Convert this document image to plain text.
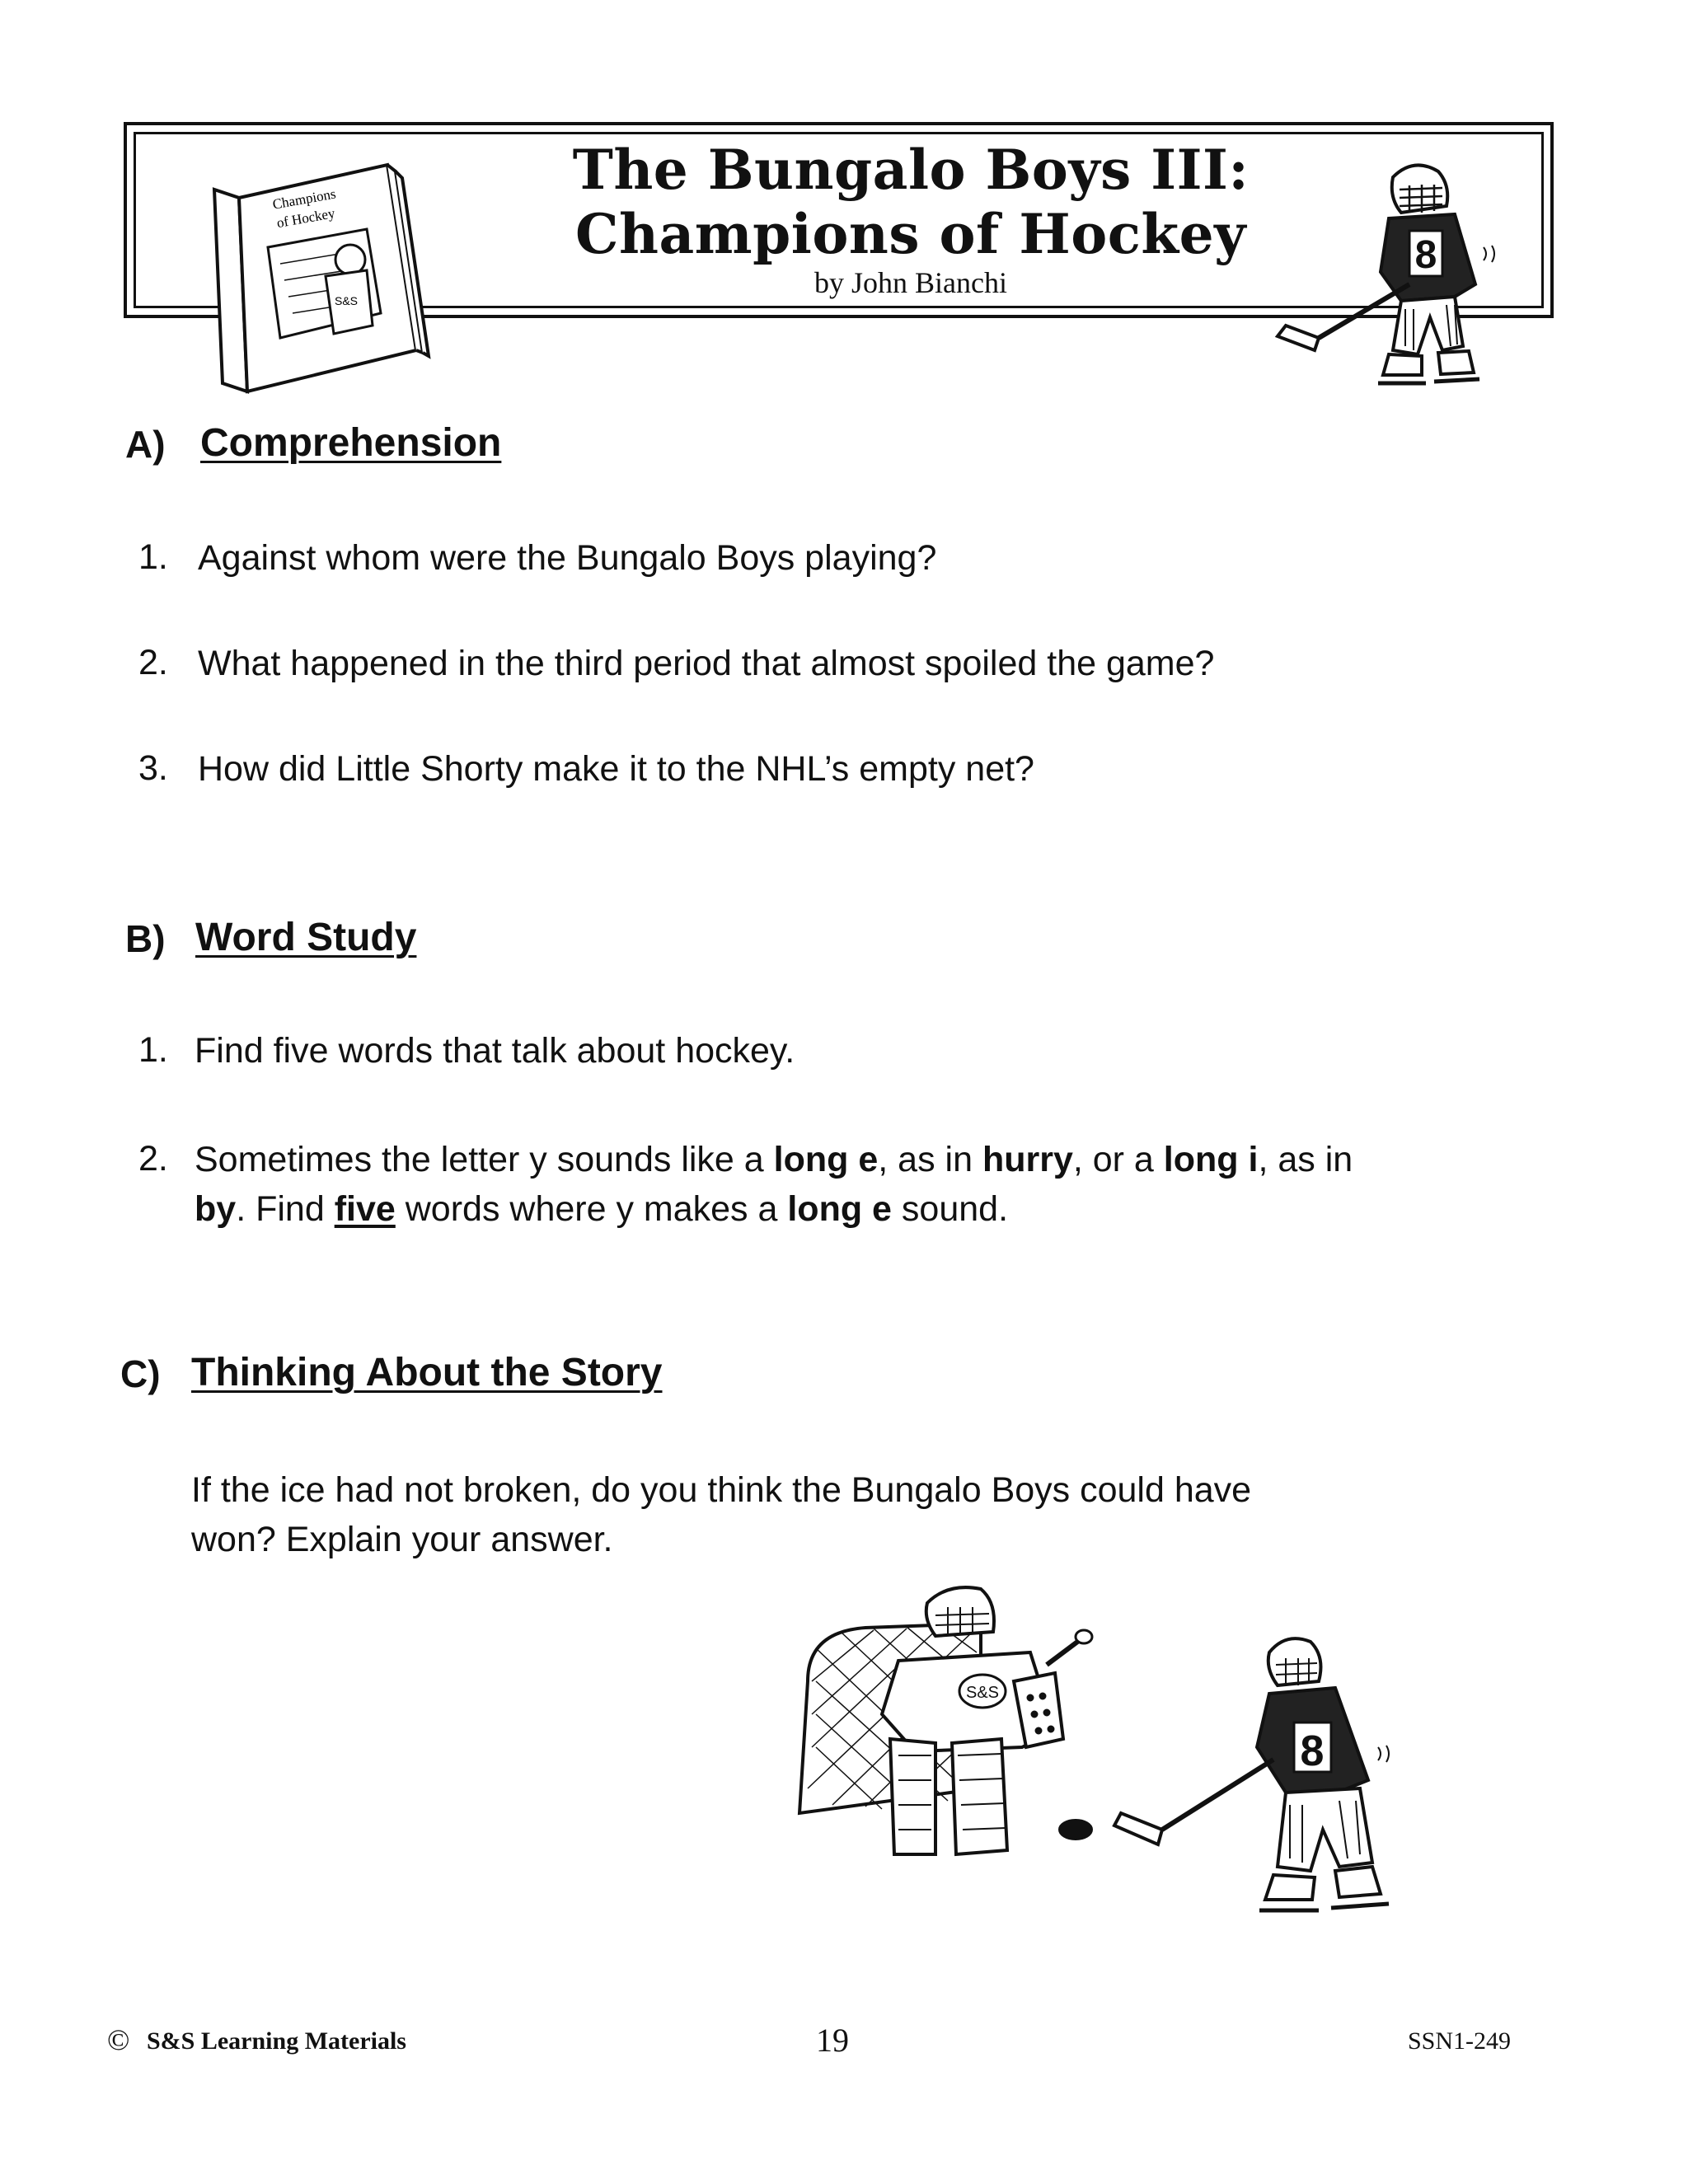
The Bungalo Boys III:
Champions of Hockey
by John Bianchi
Champions
of Hockey
S&S
8
A) Comprehension
1. Against whom were the Bungalo Boys playing?
2. What happened in the third period that almost spoiled the game?
3. How did Little Shorty make it to the NHL’s empty net?
B) Word Study
1. Find five words that talk about hockey.
2. Sometimes the letter y sounds like a long e, as in hurry, or a long i, as in
by. Find five words where y makes a long e sound.
C) Thinking About the Story
If the ice had not broken, do you think the Bungalo Boys could have
won? Explain your answer.
S&S
8
© S&S Learning Materials	19	SSN1-249
